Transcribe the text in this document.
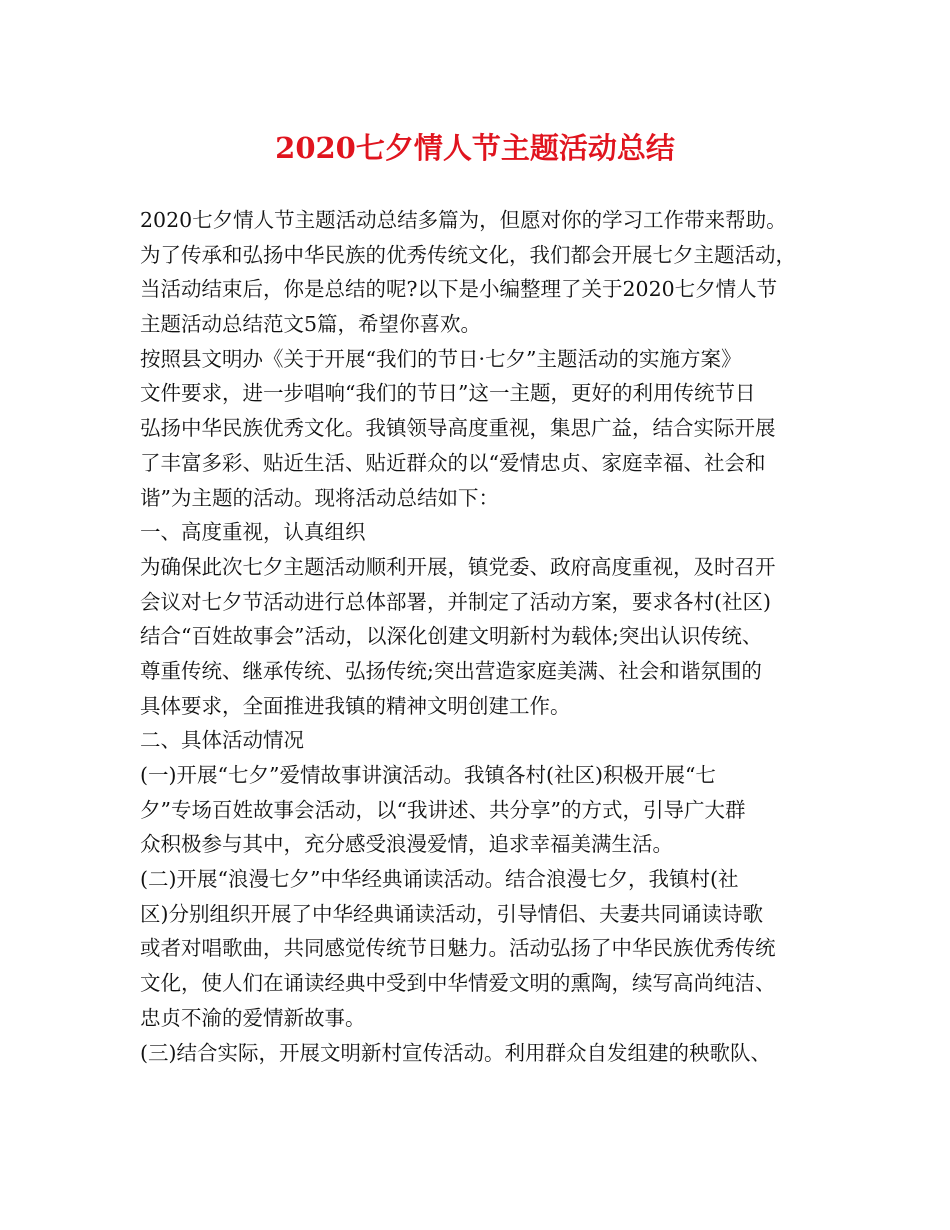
2020七夕情人节主题活动总结
2020七夕情人节主题活动总结多篇为，但愿对你的学习工作带来帮助。
为了传承和弘扬中华民族的优秀传统文化，我们都会开展七夕主题活动，
当活动结束后，你是总结的呢?以下是小编整理了关于2020七夕情人节
主题活动总结范文5篇，希望你喜欢。
按照县文明办《关于开展“我们的节日·七夕”主题活动的实施方案》
文件要求，进一步唱响“我们的节日”这一主题，更好的利用传统节日
弘扬中华民族优秀文化。我镇领导高度重视，集思广益，结合实际开展
了丰富多彩、贴近生活、贴近群众的以“爱情忠贞、家庭幸福、社会和
谐”为主题的活动。现将活动总结如下：
一、高度重视，认真组织
为确保此次七夕主题活动顺利开展，镇党委、政府高度重视，及时召开
会议对七夕节活动进行总体部署，并制定了活动方案，要求各村(社区)
结合“百姓故事会”活动，以深化创建文明新村为载体;突出认识传统、
尊重传统、继承传统、弘扬传统;突出营造家庭美满、社会和谐氛围的
具体要求，全面推进我镇的精神文明创建工作。
二、具体活动情况
(一)开展“七夕”爱情故事讲演活动。我镇各村(社区)积极开展“七
夕”专场百姓故事会活动，以“我讲述、共分享”的方式，引导广大群
众积极参与其中，充分感受浪漫爱情，追求幸福美满生活。
(二)开展“浪漫七夕”中华经典诵读活动。结合浪漫七夕，我镇村(社
区)分别组织开展了中华经典诵读活动，引导情侣、夫妻共同诵读诗歌
或者对唱歌曲，共同感觉传统节日魅力。活动弘扬了中华民族优秀传统
文化，使人们在诵读经典中受到中华情爱文明的熏陶，续写高尚纯洁、
忠贞不渝的爱情新故事。
(三)结合实际，开展文明新村宣传活动。利用群众自发组建的秧歌队、
